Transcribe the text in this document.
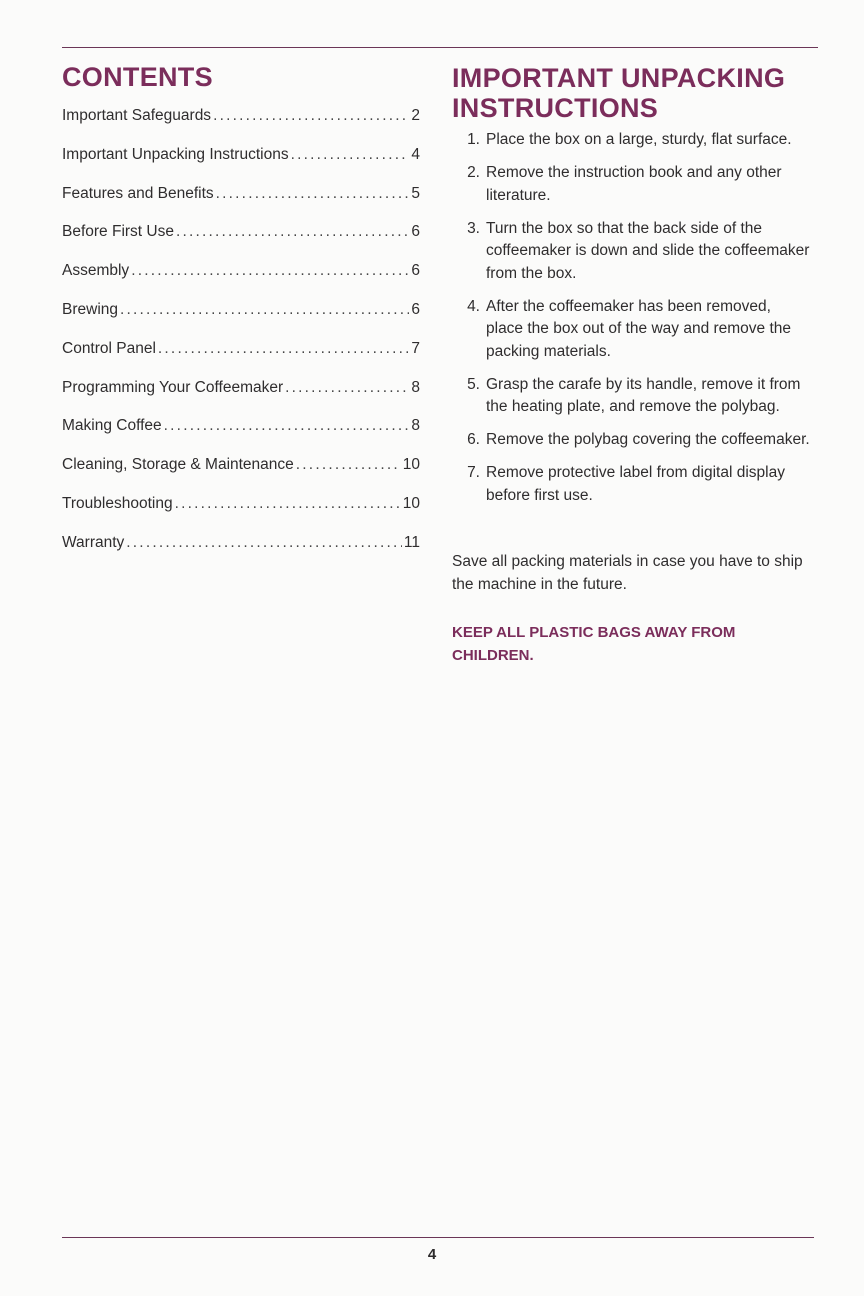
CONTENTS
Important Safeguards .....	2
Important Unpacking Instructions .....	4
Features and Benefits .....	5
Before First Use .....	6
Assembly .....	6
Brewing .....	6
Control Panel .....	7
Programming Your Coffeemaker .....	8
Making Coffee .....	8
Cleaning, Storage & Maintenance .....	10
Troubleshooting .....	10
Warranty .....	11
IMPORTANT UNPACKING INSTRUCTIONS
1. Place the box on a large, sturdy, flat surface.
2. Remove the instruction book and any other literature.
3. Turn the box so that the back side of the coffeemaker is down and slide the coffeemaker from the box.
4. After the coffeemaker has been removed, place the box out of the way and remove the packing materials.
5. Grasp the carafe by its handle, remove it from the heating plate, and remove the polybag.
6. Remove the polybag covering the coffeemaker.
7. Remove protective label from digital display before first use.

Save all packing materials in case you have to ship the machine in the future.

KEEP ALL PLASTIC BAGS AWAY FROM CHILDREN.

4
